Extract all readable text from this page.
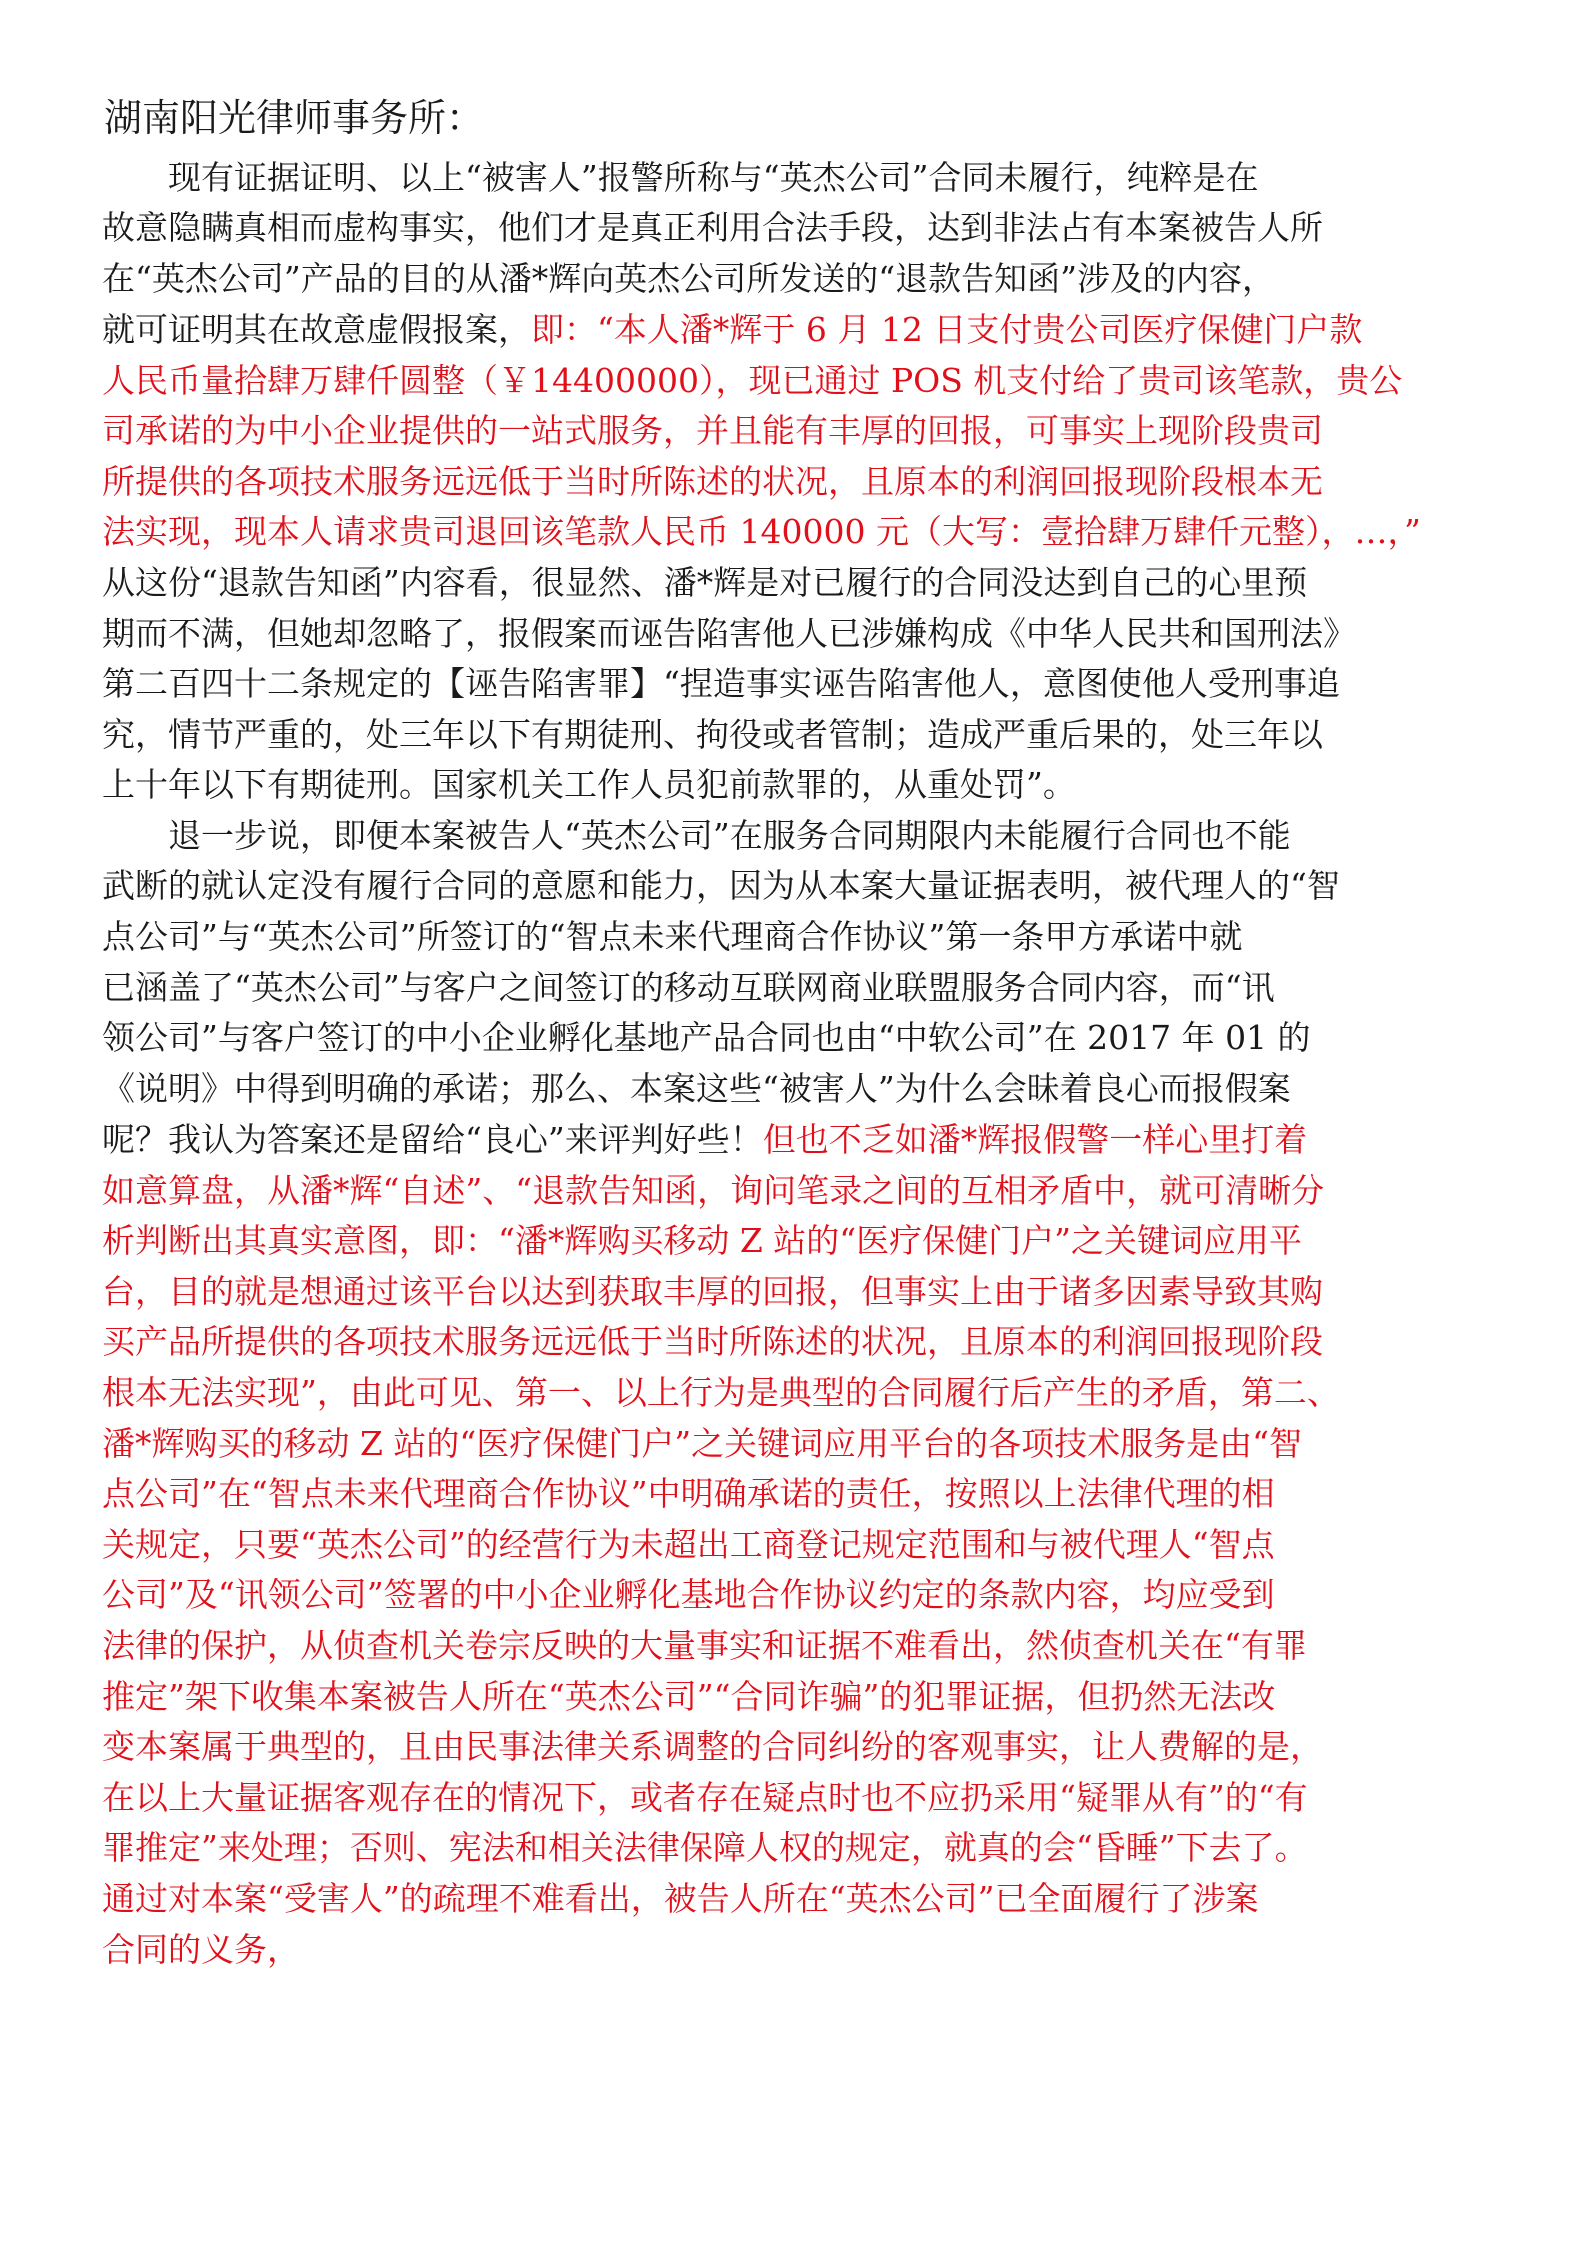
湖南阳光律师事务所：
　　现有证据证明、以上“被害人”报警所称与“英杰公司”合同未履行，纯粹是在
故意隐瞒真相而虚构事实，他们才是真正利用合法手段，达到非法占有本案被告人所
在“英杰公司”产品的目的从潘*辉向英杰公司所发送的“退款告知函”涉及的内容，
就可证明其在故意虚假报案，即：“本人潘*辉于 6 月 12 日支付贵公司医疗保健门户款
人民币量拾肆万肆仟圆整（￥14400000），现已通过 POS 机支付给了贵司该笔款，贵公
司承诺的为中小企业提供的一站式服务，并且能有丰厚的回报，可事实上现阶段贵司
所提供的各项技术服务远远低于当时所陈述的状况，且原本的利润回报现阶段根本无
法实现，现本人请求贵司退回该笔款人民币 140000 元（大写：壹拾肆万肆仟元整），…，”
从这份“退款告知函”内容看，很显然、潘*辉是对已履行的合同没达到自己的心里预
期而不满，但她却忽略了，报假案而诬告陷害他人已涉嫌构成《中华人民共和国刑法》
第二百四十二条规定的【诬告陷害罪】“捏造事实诬告陷害他人，意图使他人受刑事追
究，情节严重的，处三年以下有期徒刑、拘役或者管制；造成严重后果的，处三年以
上十年以下有期徒刑。国家机关工作人员犯前款罪的，从重处罚”。
　　退一步说，即便本案被告人“英杰公司”在服务合同期限内未能履行合同也不能
武断的就认定没有履行合同的意愿和能力，因为从本案大量证据表明，被代理人的“智
点公司”与“英杰公司”所签订的“智点未来代理商合作协议”第一条甲方承诺中就
已涵盖了“英杰公司”与客户之间签订的移动互联网商业联盟服务合同内容，而“讯
领公司”与客户签订的中小企业孵化基地产品合同也由“中软公司”在 2017 年 01 的
《说明》中得到明确的承诺；那么、本案这些“被害人”为什么会昧着良心而报假案
呢？我认为答案还是留给“良心”来评判好些！但也不乏如潘*辉报假警一样心里打着
如意算盘，从潘*辉“自述”、“退款告知函，询问笔录之间的互相矛盾中，就可清晰分
析判断出其真实意图，即：“潘*辉购买移动 Z 站的“医疗保健门户”之关键词应用平
台，目的就是想通过该平台以达到获取丰厚的回报，但事实上由于诸多因素导致其购
买产品所提供的各项技术服务远远低于当时所陈述的状况，且原本的利润回报现阶段
根本无法实现”，由此可见、第一、以上行为是典型的合同履行后产生的矛盾，第二、
潘*辉购买的移动 Z 站的“医疗保健门户”之关键词应用平台的各项技术服务是由“智
点公司”在“智点未来代理商合作协议”中明确承诺的责任，按照以上法律代理的相
关规定，只要“英杰公司”的经营行为未超出工商登记规定范围和与被代理人“智点
公司”及“讯领公司”签署的中小企业孵化基地合作协议约定的条款内容，均应受到
法律的保护，从侦查机关卷宗反映的大量事实和证据不难看出，然侦查机关在“有罪
推定”架下收集本案被告人所在“英杰公司”“合同诈骗”的犯罪证据，但扔然无法改
变本案属于典型的，且由民事法律关系调整的合同纠纷的客观事实，让人费解的是，
在以上大量证据客观存在的情况下，或者存在疑点时也不应扔采用“疑罪从有”的“有
罪推定”来处理；否则、宪法和相关法律保障人权的规定，就真的会“昏睡”下去了。
通过对本案“受害人”的疏理不难看出，被告人所在“英杰公司”已全面履行了涉案
合同的义务，
